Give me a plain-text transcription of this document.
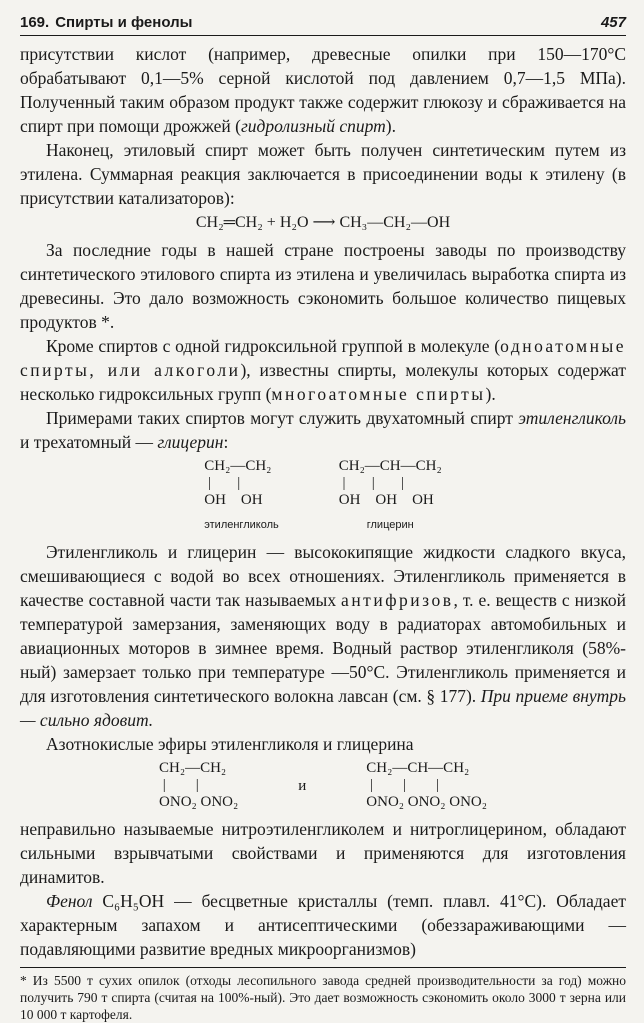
169. Спирты и фенолы	457

присутствии кислот (например, древесные опилки при 150—170°С обрабатывают 0,1—5% серной кислотой под давлением 0,7—1,5 МПа). Полученный таким образом продукт также содержит глюкозу и сбраживается на спирт при помощи дрожжей (гидролизный спирт).

Наконец, этиловый спирт может быть получен синтетическим путем из этилена. Суммарная реакция заключается в присоединении воды к этилену (в присутствии катализаторов):

CH₂═CH₂ + H₂O ⟶ CH₃—CH₂—OH

За последние годы в нашей стране построены заводы по производству синтетического этилового спирта из этилена и увеличилась выработка спирта из древесины. Это дало возможность сэкономить большое количество пищевых продуктов *.

Кроме спиртов с одной гидроксильной группой в молекуле (одноатомные спирты, или алкоголи), известны спирты, молекулы которых содержат несколько гидроксильных групп (многоатомные спирты).

Примерами таких спиртов могут служить двухатомный спирт этиленгликоль и трехатомный — глицерин:

CH₂—CH₂
|       |
OH    OH
этиленгликоль
CH₂—CH—CH₂
|       |       |
OH    OH    OH
глицерин

Этиленгликоль и глицерин — высококипящие жидкости сладкого вкуса, смешивающиеся с водой во всех отношениях. Этиленгликоль применяется в качестве составной части так называемых антифризов, т. е. веществ с низкой температурой замерзания, заменяющих воду в радиаторах автомобильных и авиационных моторов в зимнее время. Водный раствор этиленгликоля (58%-ный) замерзает только при температуре —50°С. Этиленгликоль применяется и для изготовления синтетического волокна лавсан (см. § 177). При приеме внутрь — сильно ядовит.

Азотнокислые эфиры этиленгликоля и глицерина

CH₂—CH₂
|        |
ONO₂ ONO₂
и
CH₂—CH—CH₂
|        |        |
ONO₂ ONO₂ ONO₂

неправильно называемые нитроэтиленгликолем и нитроглицерином, обладают сильными взрывчатыми свойствами и применяются для изготовления динамитов.

Фенол C₆H₅OH — бесцветные кристаллы (темп. плавл. 41°С). Обладает характерным запахом и антисептическими (обеззараживающими — подавляющими развитие вредных микроорганизмов)

* Из 5500 т сухих опилок (отходы лесопильного завода средней производительности за год) можно получить 790 т спирта (считая на 100%-ный). Это дает возможность сэкономить около 3000 т зерна или 10 000 т картофеля.
